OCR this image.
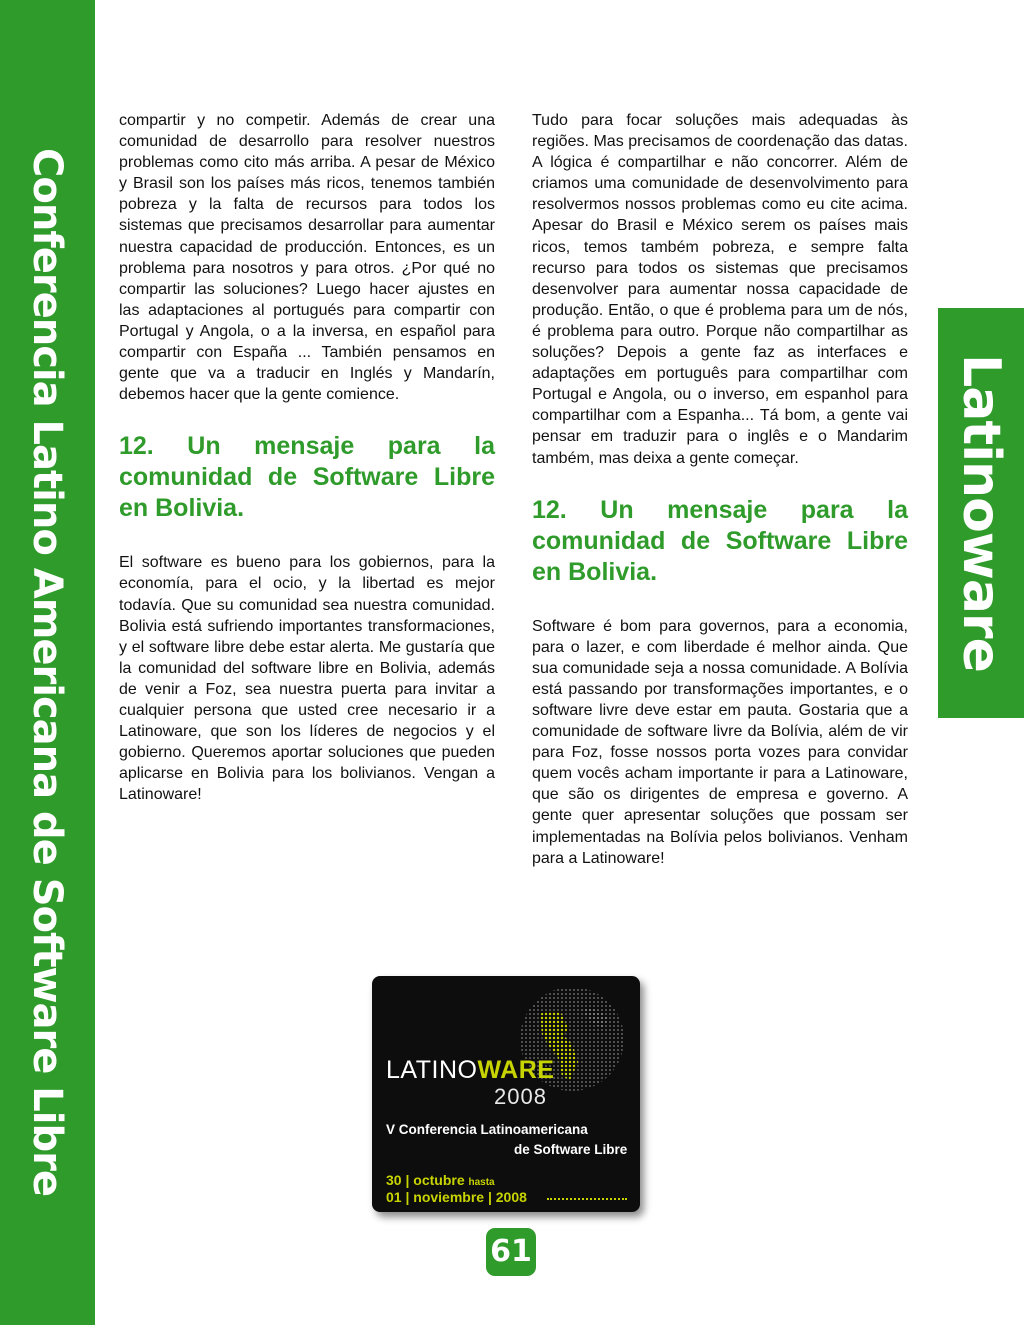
Conferencia Latino Americana de Software Libre	Latinoware

compartir y no competir. Además de crear una comunidad de desarrollo para resolver nuestros problemas como cito más arriba. A pesar de México y Brasil son los países más ricos, tenemos también pobreza y la falta de recursos para todos los sistemas que precisamos desarrollar para aumentar nuestra capacidad de producción. Entonces, es un problema para nosotros y para otros. ¿Por qué no compartir las soluciones? Luego hacer ajustes en las adaptaciones al portugués para compartir con Portugal y Angola, o a la inversa, en español para compartir con España ... También pensamos en gente que va a traducir en Inglés y Mandarín, debemos hacer que la gente comience.

12. Un mensaje para la comunidad de Software Libre en Bolivia.

El software es bueno para los gobiernos, para la economía, para el ocio, y la libertad es mejor todavía. Que su comunidad sea nuestra comunidad. Bolivia está sufriendo importantes transformaciones, y el software libre debe estar alerta. Me gustaría que la comunidad del software libre en Bolivia, además de venir a Foz, sea nuestra puerta para invitar a cualquier persona que usted cree necesario ir a Latinoware, que son los líderes de negocios y el gobierno. Queremos aportar soluciones que pueden aplicarse en Bolivia para los bolivianos. Vengan a Latinoware!

Tudo para focar soluções mais adequadas às regiões. Mas precisamos de coordenação das datas. A lógica é compartilhar e não concorrer. Além de criamos uma comunidade de desenvolvimento para resolvermos nossos problemas como eu cite acima. Apesar do Brasil e México serem os países mais ricos, temos também pobreza, e sempre falta recurso para todos os sistemas que precisamos desenvolver para aumentar nossa capacidade de produção. Então, o que é problema para um de nós, é problema para outro. Porque não compartilhar as soluções? Depois a gente faz as interfaces e adaptações em português para compartilhar com Portugal e Angola, ou o inverso, em espanhol para compartilhar com a Espanha... Tá bom, a gente vai pensar em traduzir para o inglês e o Mandarim também, mas deixa a gente começar.

12. Un mensaje para la comunidad de Software Libre en Bolivia.

Software é bom para governos, para a economia, para o lazer, e com liberdade é melhor ainda. Que sua comunidade seja a nossa comunidade. A Bolívia está passando por transformações importantes, e o software livre deve estar em pauta. Gostaria que a comunidade de software livre da Bolívia, além de vir para Foz, fosse nossos porta vozes para convidar quem vocês acham importante ir para a Latinoware, que são os dirigentes de empresa e governo. A gente quer apresentar soluções que possam ser implementadas na Bolívia pelos bolivianos. Venham para a Latinoware!

LATINOWARE
2008
V Conferencia Latinoamericana
de Software Libre
30 | octubre hasta
01 | noviembre | 2008
61
